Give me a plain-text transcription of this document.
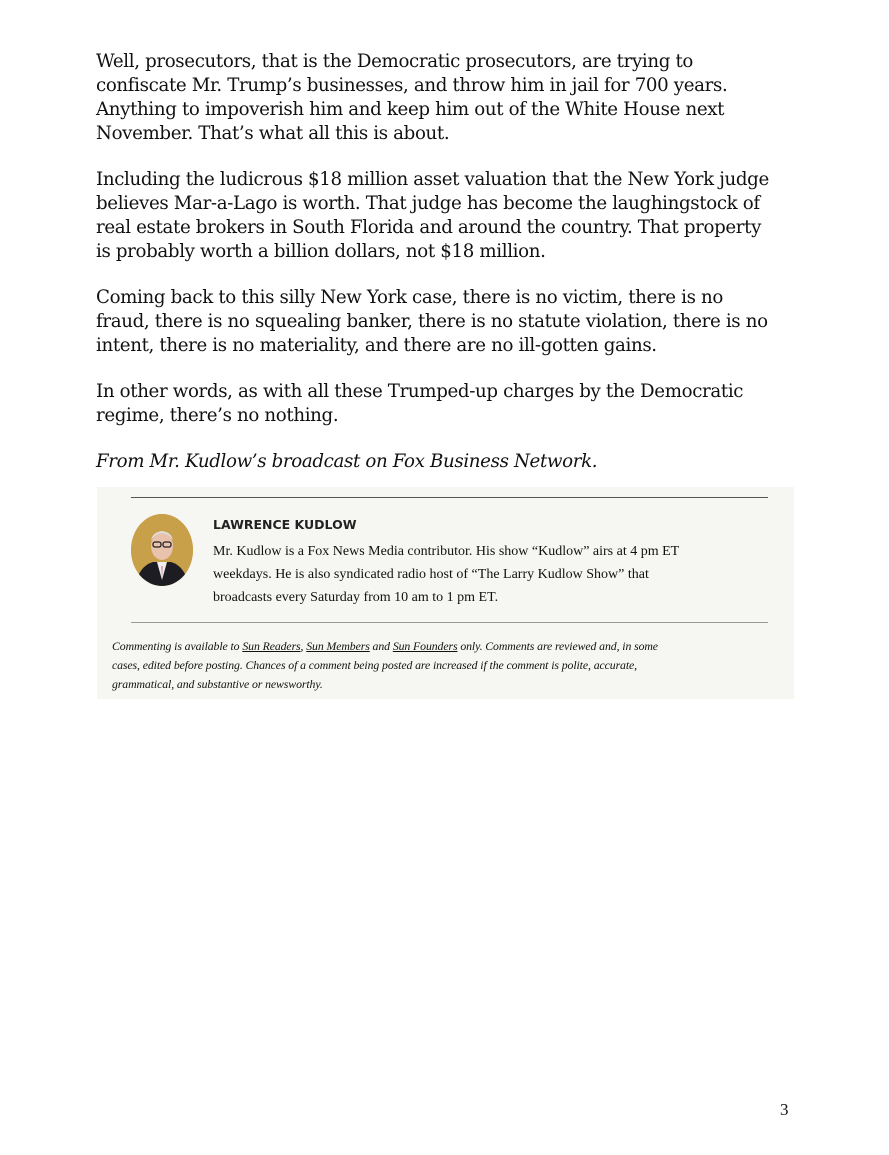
Well, prosecutors, that is the Democratic prosecutors, are trying to
confiscate Mr. Trump’s businesses, and throw him in jail for 700 years.
Anything to impoverish him and keep him out of the White House next
November. That’s what all this is about.

Including the ludicrous $18 million asset valuation that the New York judge
believes Mar-a-Lago is worth. That judge has become the laughingstock of
real estate brokers in South Florida and around the country. That property
is probably worth a billion dollars, not $18 million.

Coming back to this silly New York case, there is no victim, there is no
fraud, there is no squealing banker, there is no statute violation, there is no
intent, there is no materiality, and there are no ill-gotten gains.

In other words, as with all these Trumped-up charges by the Democratic
regime, there’s no nothing.

From Mr. Kudlow’s broadcast on Fox Business Network.

LAWRENCE KUDLOW
Mr. Kudlow is a Fox News Media contributor. His show “Kudlow” airs at 4 pm ET
weekdays. He is also syndicated radio host of “The Larry Kudlow Show” that
broadcasts every Saturday from 10 am to 1 pm ET.
Commenting is available to Sun Readers, Sun Members and Sun Founders only. Comments are reviewed and, in some
cases, edited before posting. Chances of a comment being posted are increased if the comment is polite, accurate,
grammatical, and substantive or newsworthy.
3
